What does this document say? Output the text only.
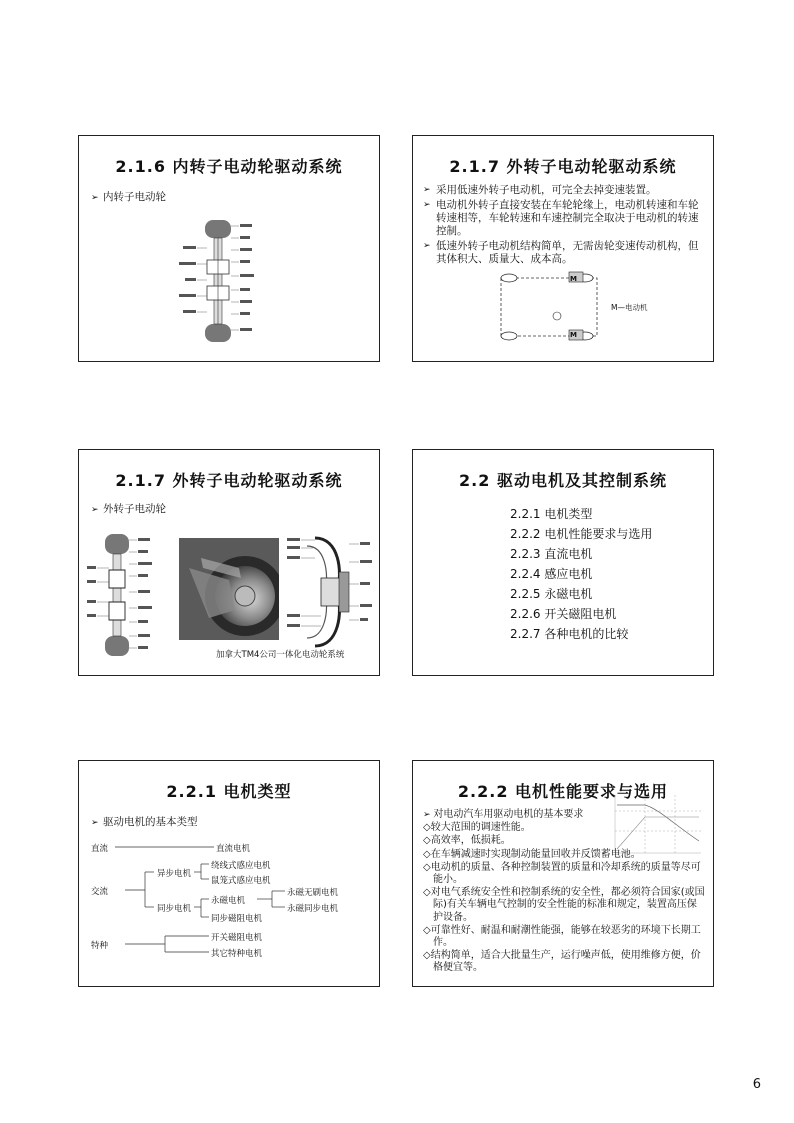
2.1.6 内转子电动轮驱动系统
➢ 内转子电动轮
2.1.7 外转子电动轮驱动系统
➢ 采用低速外转子电动机，可完全去掉变速装置。
➢ 电动机外转子直接安装在车轮轮缘上，电动机转速和车轮转速相等，车轮转速和车速控制完全取决于电动机的转速控制。
➢ 低速外转子电动机结构简单，无需齿轮变速传动机构，但其体积大、质量大、成本高。
M
M
M—电动机
2.1.7 外转子电动轮驱动系统
➢ 外转子电动轮
加拿大TM4公司一体化电动轮系统
2.2 驱动电机及其控制系统
2.2.1 电机类型
2.2.2 电机性能要求与选用
2.2.3 直流电机
2.2.4 感应电机
2.2.5 永磁电机
2.2.6 开关磁阻电机
2.2.7 各种电机的比较
2.2.1 电机类型
➢ 驱动电机的基本类型
直流	直流电机
交流
异步电机
绕线式感应电机
鼠笼式感应电机
同步电机
永磁电机
永磁无刷电机
永磁同步电机
同步磁阻电机
特种
开关磁阻电机
其它特种电机
2.2.2 电机性能要求与选用
➢ 对电动汽车用驱动电机的基本要求
◇较大范围的调速性能。
◇高效率，低损耗。
◇在车辆减速时实现制动能量回收并反馈蓄电池。
◇电动机的质量、各种控制装置的质量和冷却系统的质量等尽可能小。
◇对电气系统安全性和控制系统的安全性，都必须符合国家(或国际)有关车辆电气控制的安全性能的标准和规定，装置高压保护设备。
◇可靠性好、耐温和耐潮性能强，能够在较恶劣的环境下长期工作。
◇结构简单，适合大批量生产，运行噪声低，使用维修方便，价格便宜等。
6
